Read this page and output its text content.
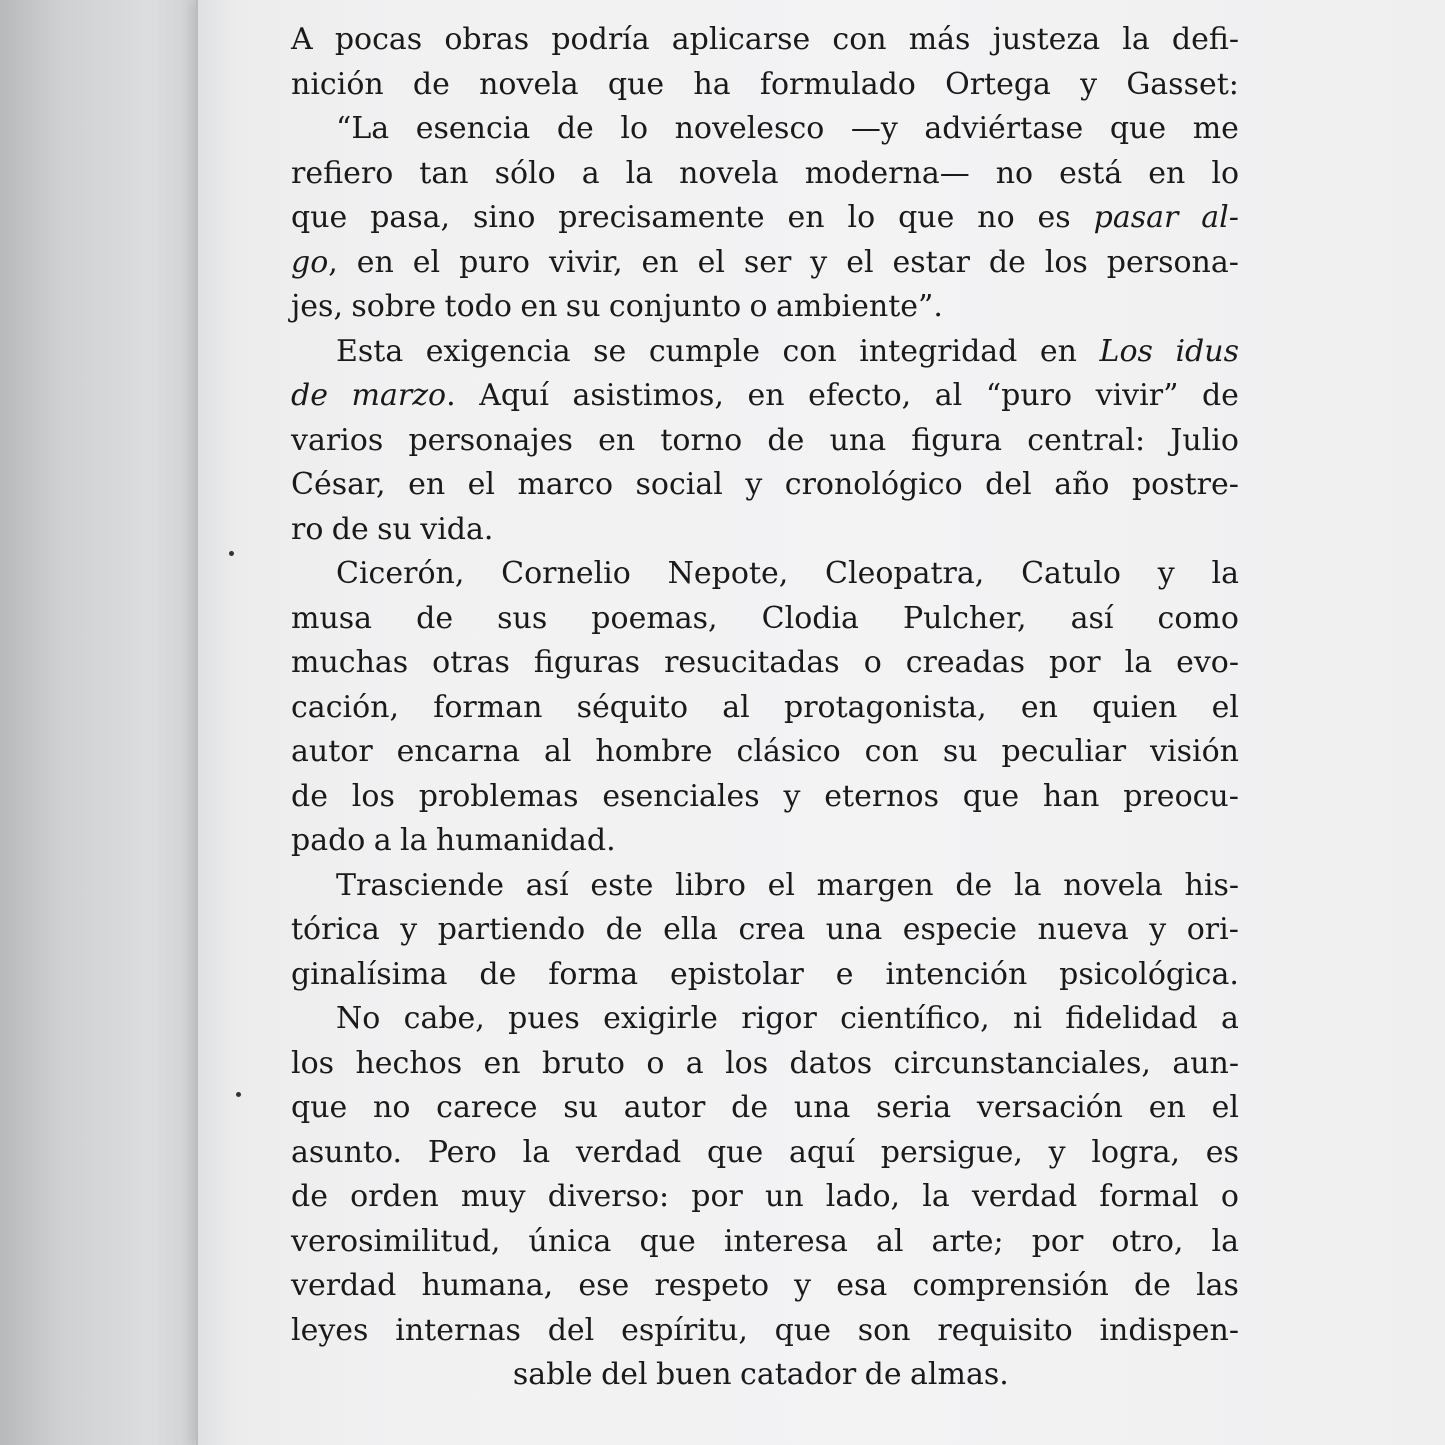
A pocas obras podría aplicarse con más justeza la defi-
nición de novela que ha formulado Ortega y Gasset:
“La esencia de lo novelesco —y adviértase que me
refiero tan sólo a la novela moderna— no está en lo
que pasa, sino precisamente en lo que no es pasar al-
go, en el puro vivir, en el ser y el estar de los persona-
jes, sobre todo en su conjunto o ambiente”.
Esta exigencia se cumple con integridad en Los idus
de marzo. Aquí asistimos, en efecto, al “puro vivir” de
varios personajes en torno de una figura central: Julio
César, en el marco social y cronológico del año postre-
ro de su vida.
Cicerón, Cornelio Nepote, Cleopatra, Catulo y la
musa de sus poemas, Clodia Pulcher, así como
muchas otras figuras resucitadas o creadas por la evo-
cación, forman séquito al protagonista, en quien el
autor encarna al hombre clásico con su peculiar visión
de los problemas esenciales y eternos que han preocu-
pado a la humanidad.
Trasciende así este libro el margen de la novela his-
tórica y partiendo de ella crea una especie nueva y ori-
ginalísima de forma epistolar e intención psicológica.
No cabe, pues exigirle rigor científico, ni fidelidad a
los hechos en bruto o a los datos circunstanciales, aun-
que no carece su autor de una seria versación en el
asunto. Pero la verdad que aquí persigue, y logra, es
de orden muy diverso: por un lado, la verdad formal o
verosimilitud, única que interesa al arte; por otro, la
verdad humana, ese respeto y esa comprensión de las
leyes internas del espíritu, que son requisito indispen-
sable del buen catador de almas.
